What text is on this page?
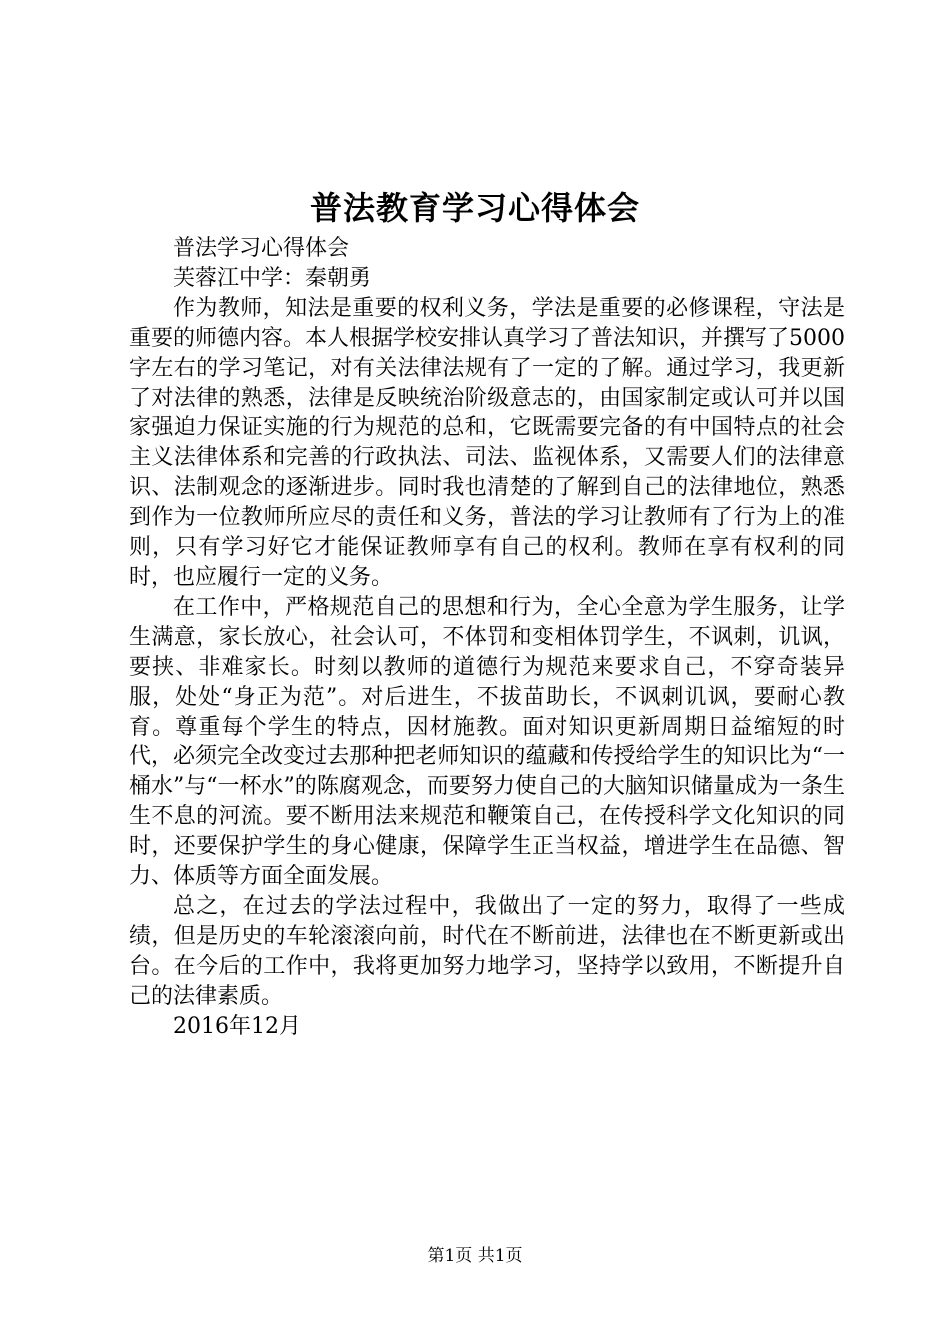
普法教育学习心得体会

普法学习心得体会

芙蓉江中学：秦朝勇

作为教师，知法是重要的权利义务，学法是重要的必修课程，守法是重要的师德内容。本人根据学校安排认真学习了普法知识，并撰写了5000字左右的学习笔记，对有关法律法规有了一定的了解。通过学习，我更新了对法律的熟悉，法律是反映统治阶级意志的，由国家制定或认可并以国家强迫力保证实施的行为规范的总和，它既需要完备的有中国特点的社会主义法律体系和完善的行政执法、司法、监视体系，又需要人们的法律意识、法制观念的逐渐进步。同时我也清楚的了解到自己的法律地位，熟悉到作为一位教师所应尽的责任和义务，普法的学习让教师有了行为上的准则，只有学习好它才能保证教师享有自己的权利。教师在享有权利的同时，也应履行一定的义务。

在工作中，严格规范自己的思想和行为，全心全意为学生服务，让学生满意，家长放心，社会认可，不体罚和变相体罚学生，不讽刺，讥讽，要挟、非难家长。时刻以教师的道德行为规范来要求自己，不穿奇装异服，处处“身正为范”。对后进生，不拔苗助长，不讽刺讥讽，要耐心教育。尊重每个学生的特点，因材施教。面对知识更新周期日益缩短的时代，必须完全改变过去那种把老师知识的蕴藏和传授给学生的知识比为“一桶水”与“一杯水”的陈腐观念，而要努力使自己的大脑知识储量成为一条生生不息的河流。要不断用法来规范和鞭策自己，在传授科学文化知识的同时，还要保护学生的身心健康，保障学生正当权益，增进学生在品德、智力、体质等方面全面发展。

总之，在过去的学法过程中，我做出了一定的努力，取得了一些成绩，但是历史的车轮滚滚向前，时代在不断前进，法律也在不断更新或出台。在今后的工作中，我将更加努力地学习，坚持学以致用，不断提升自己的法律素质。

2016年12月

第1页 共1页
